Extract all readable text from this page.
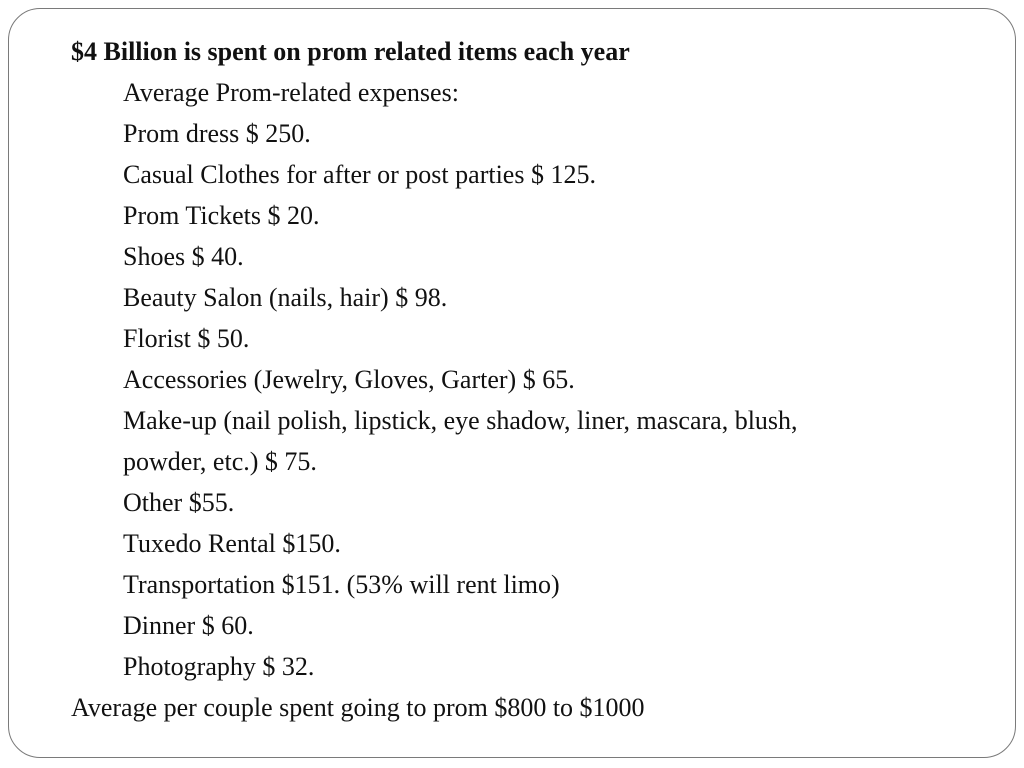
$4 Billion is spent on prom related items each year
Average Prom-related expenses:
Prom dress $ 250.
Casual Clothes for after or post parties $ 125.
Prom Tickets $ 20.
Shoes $ 40.
Beauty Salon (nails, hair) $ 98.
Florist $ 50.
Accessories (Jewelry, Gloves, Garter) $ 65.
Make-up (nail polish, lipstick, eye shadow, liner, mascara, blush,
powder, etc.) $ 75.
Other $55.
Tuxedo Rental $150.
Transportation $151. (53% will rent limo)
Dinner $ 60.
Photography $ 32.
Average per couple spent going to prom $800 to $1000
